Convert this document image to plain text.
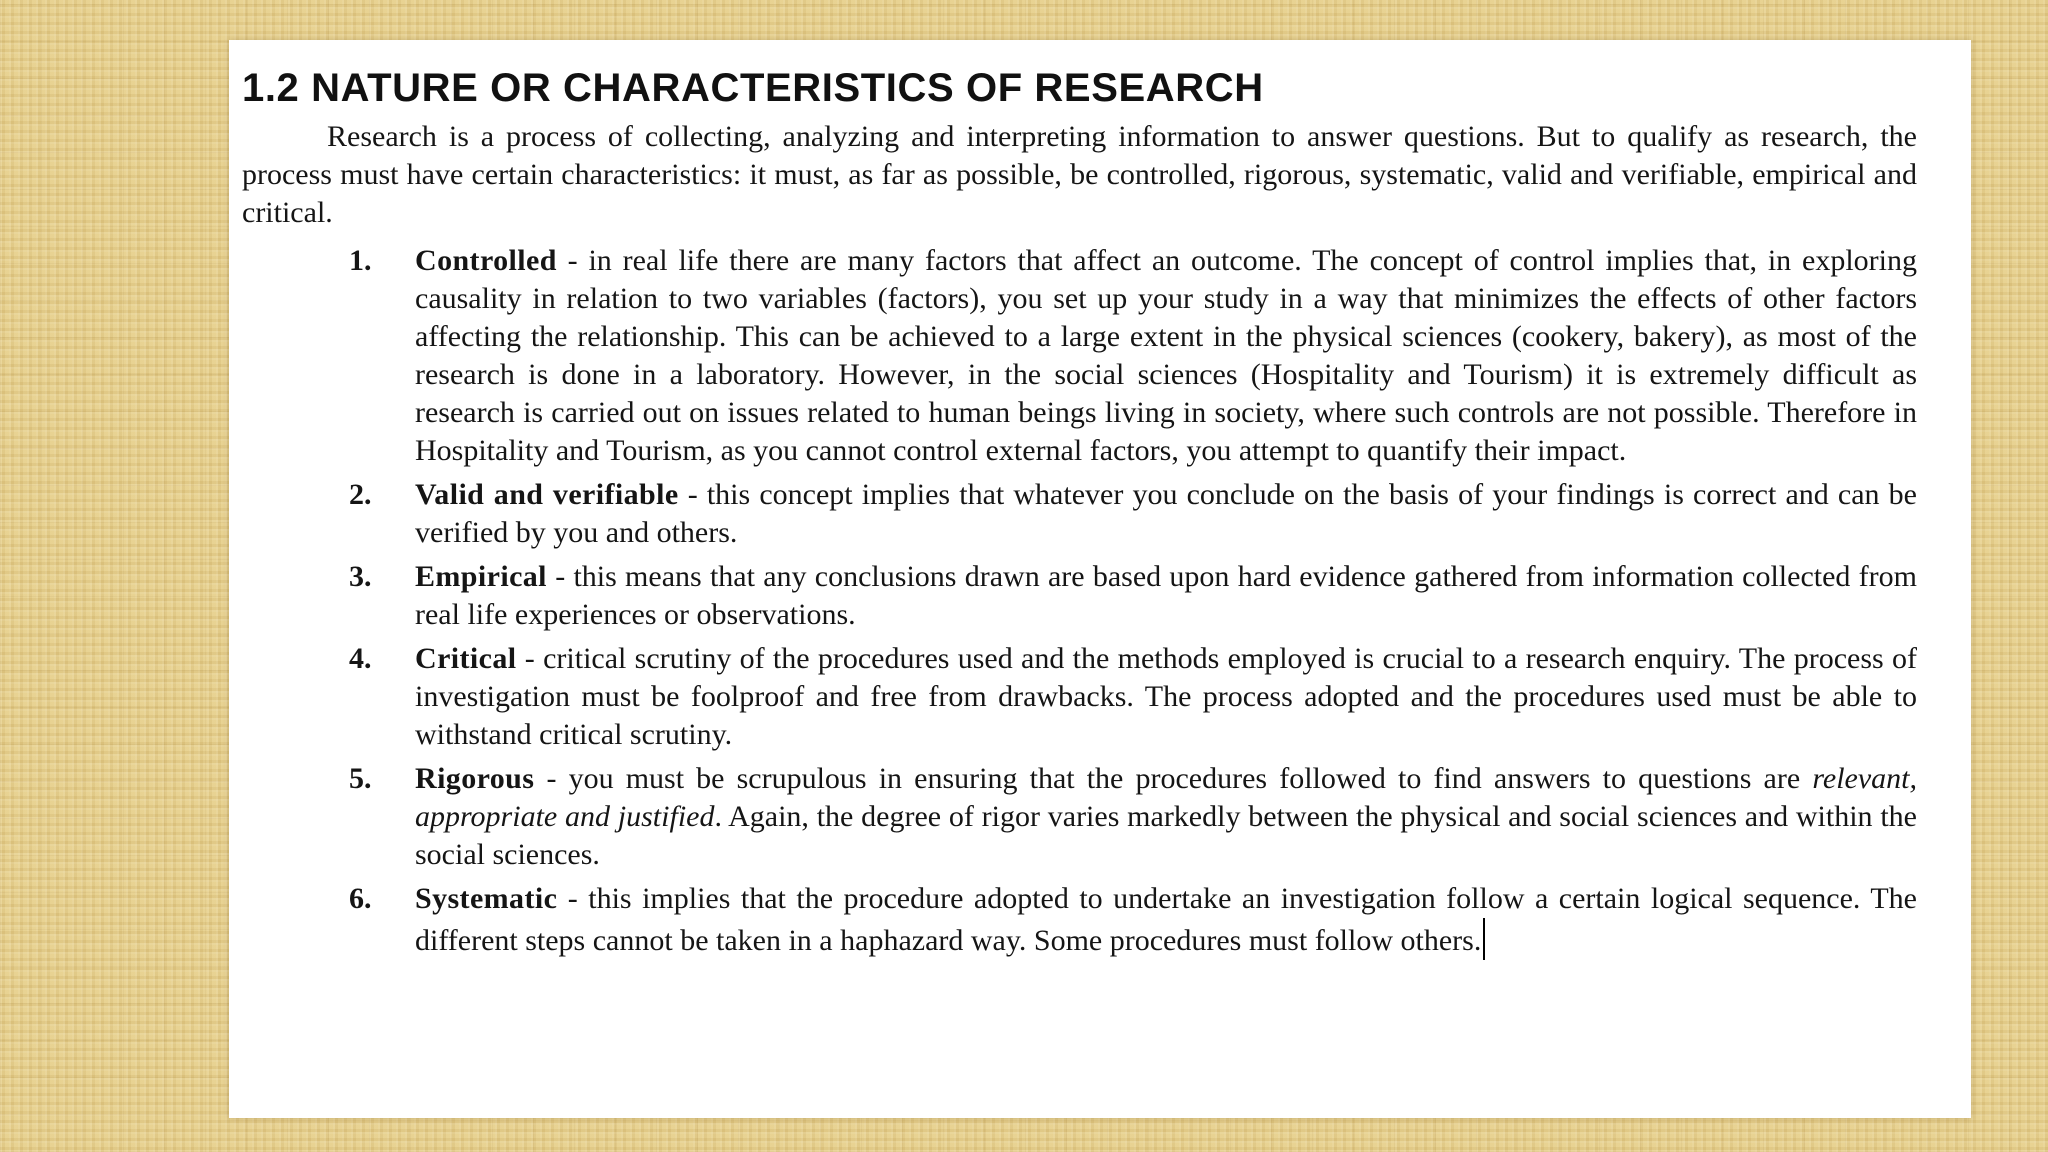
1.2 NATURE OR CHARACTERISTICS OF RESEARCH

Research is a process of collecting, analyzing and interpreting information to answer questions. But to qualify as research, the process must have certain characteristics: it must, as far as possible, be controlled, rigorous, systematic, valid and verifiable, empirical and critical.

1. Controlled - in real life there are many factors that affect an outcome. The concept of control implies that, in exploring causality in relation to two variables (factors), you set up your study in a way that minimizes the effects of other factors affecting the relationship. This can be achieved to a large extent in the physical sciences (cookery, bakery), as most of the research is done in a laboratory. However, in the social sciences (Hospitality and Tourism) it is extremely difficult as research is carried out on issues related to human beings living in society, where such controls are not possible. Therefore in Hospitality and Tourism, as you cannot control external factors, you attempt to quantify their impact.
2. Valid and verifiable - this concept implies that whatever you conclude on the basis of your findings is correct and can be verified by you and others.
3. Empirical - this means that any conclusions drawn are based upon hard evidence gathered from information collected from real life experiences or observations.
4. Critical - critical scrutiny of the procedures used and the methods employed is crucial to a research enquiry. The process of investigation must be foolproof and free from drawbacks. The process adopted and the procedures used must be able to withstand critical scrutiny.
5. Rigorous - you must be scrupulous in ensuring that the procedures followed to find answers to questions are relevant, appropriate and justified. Again, the degree of rigor varies markedly between the physical and social sciences and within the social sciences.
6. Systematic - this implies that the procedure adopted to undertake an investigation follow a certain logical sequence. The different steps cannot be taken in a haphazard way. Some procedures must follow others.
